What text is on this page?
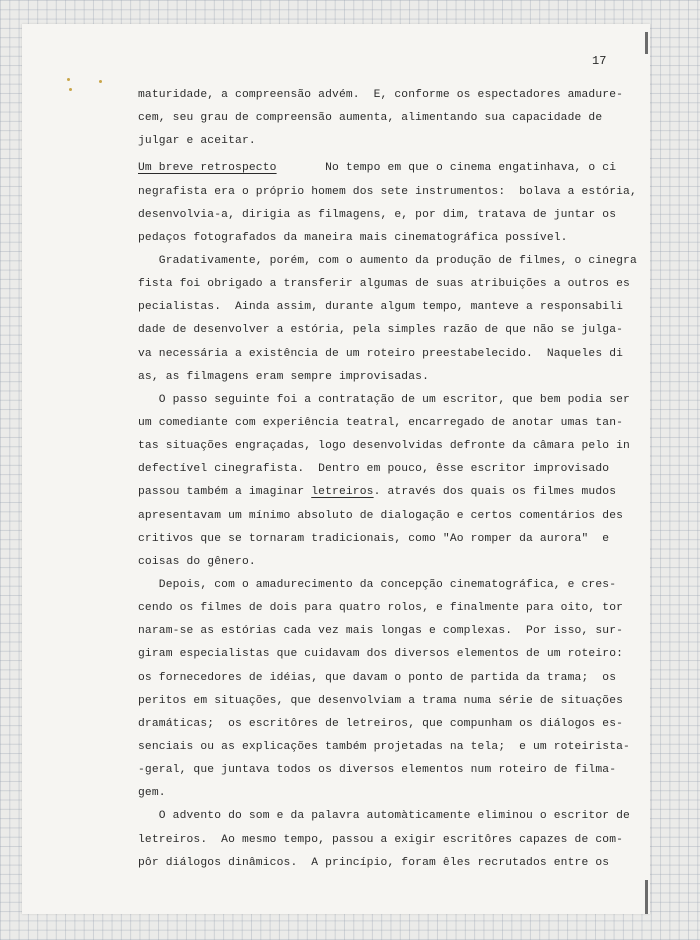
17
maturidade, a compreensão advém.  E, conforme os espectadores amadure-
cem, seu grau de compreensão aumenta, alimentando sua capacidade de
julgar e aceitar.
Um breve retrospecto	No tempo em que o cinema engatinhava, o ci
negrafista era o próprio homem dos sete instrumentos:  bolava a estória,
desenvolvia-a, dirigia as filmagens, e, por dim, tratava de juntar os
pedaços fotografados da maneira mais cinematográfica possível.
Gradativamente, porém, com o aumento da produção de filmes, o cinegra
fista foi obrigado a transferir algumas de suas atribuições a outros es
pecialistas.  Ainda assim, durante algum tempo, manteve a responsabili
dade de desenvolver a estória, pela simples razão de que não se julga-
va necessária a existência de um roteiro preestabelecido.  Naqueles di
as, as filmagens eram sempre improvisadas.
O passo seguinte foi a contratação de um escritor, que bem podia ser
um comediante com experiência teatral, encarregado de anotar umas tan-
tas situações engraçadas, logo desenvolvidas defronte da câmara pelo in
defectível cinegrafista.  Dentro em pouco, êsse escritor improvisado
passou também a imaginar letreiros. através dos quais os filmes mudos
apresentavam um mínimo absoluto de dialogação e certos comentários des
critivos que se tornaram tradicionais, como "Ao romper da aurora"  e
coisas do gênero.
Depois, com o amadurecimento da concepção cinematográfica, e cres-
cendo os filmes de dois para quatro rolos, e finalmente para oito, tor
naram-se as estórias cada vez mais longas e complexas.  Por isso, sur-
giram especialistas que cuidavam dos diversos elementos de um roteiro:
os fornecedores de idéias, que davam o ponto de partida da trama;  os
peritos em situações, que desenvolviam a trama numa série de situações
dramáticas;  os escritôres de letreiros, que compunham os diálogos es-
senciais ou as explicações também projetadas na tela;  e um roteirista-
-geral, que juntava todos os diversos elementos num roteiro de filma-
gem.
O advento do som e da palavra automàticamente eliminou o escritor de
letreiros.  Ao mesmo tempo, passou a exigir escritôres capazes de com-
pôr diálogos dinâmicos.  A princípio, foram êles recrutados entre os
